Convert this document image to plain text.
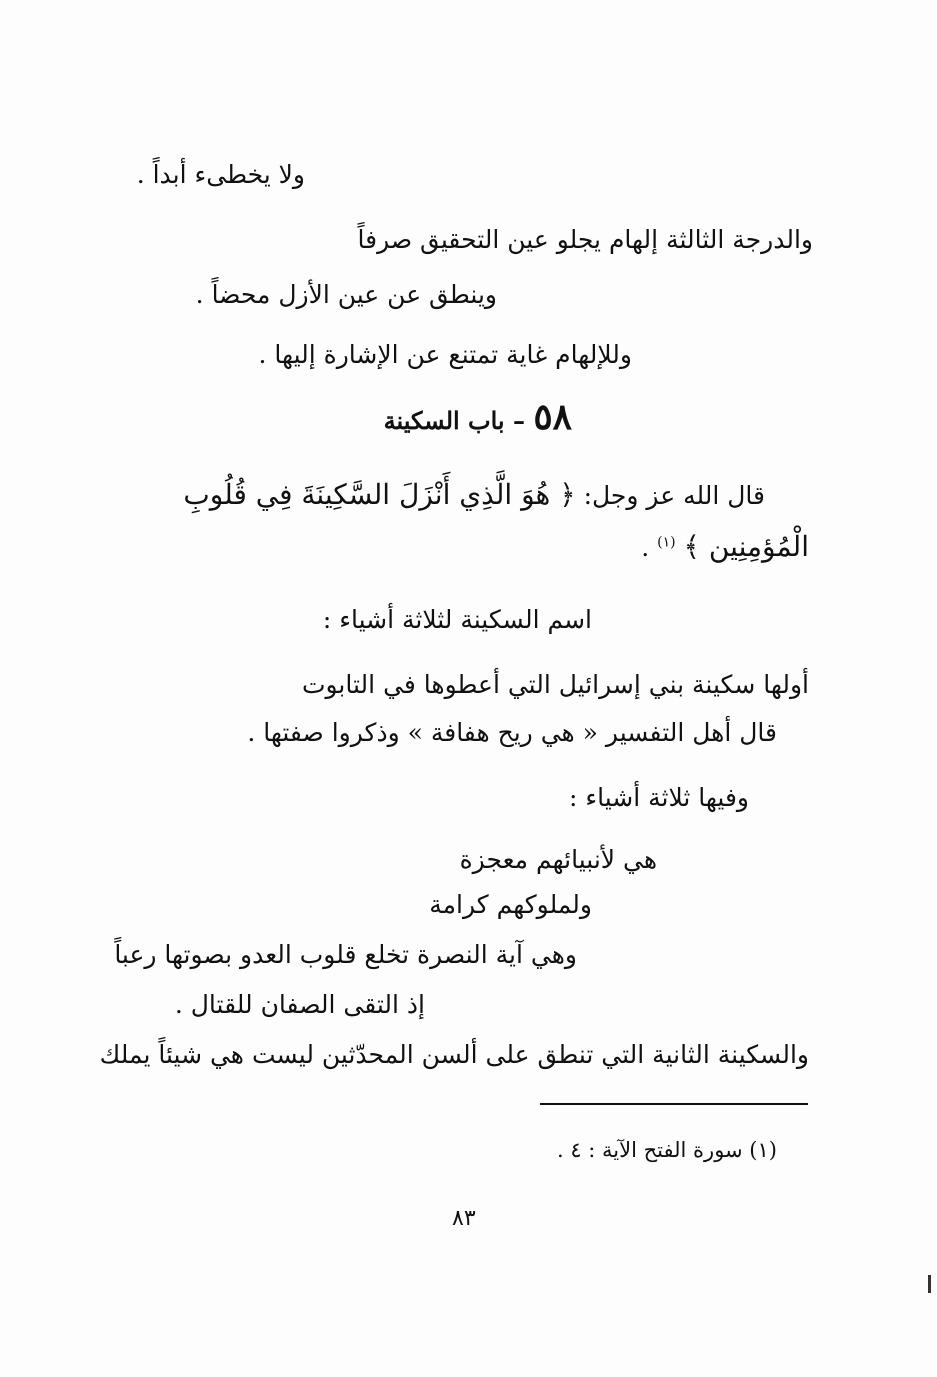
ولا يخطىء أبداً .
والدرجة الثالثة إلهام يجلو عين التحقيق صرفاً
وينطق عن عين الأزل محضاً .
وللإلهام غاية تمتنع عن الإشارة إليها .
٥٨ – باب السكينة
قال الله عز وجل: ﴿ هُوَ الَّذِي أَنْزَلَ السَّكِينَةَ فِي قُلُوبِ
الْمُؤمِنِين ﴾ $^{(١)}$ .
اسم السكينة لثلاثة أشياء :
أولها سكينة بني إسرائيل التي أعطوها في التابوت
قال أهل التفسير « هي ريح هفافة » وذكروا صفتها .
وفيها ثلاثة أشياء :
هي لأنبيائهم معجزة
ولملوكهم كرامة
وهي آية النصرة تخلع قلوب العدو بصوتها رعباً
إذ التقى الصفان للقتال .
والسكينة الثانية التي تنطق على ألسن المحدّثين ليست هي شيئاً يملك
(١) سورة الفتح الآية : ٤ .
٨٣
